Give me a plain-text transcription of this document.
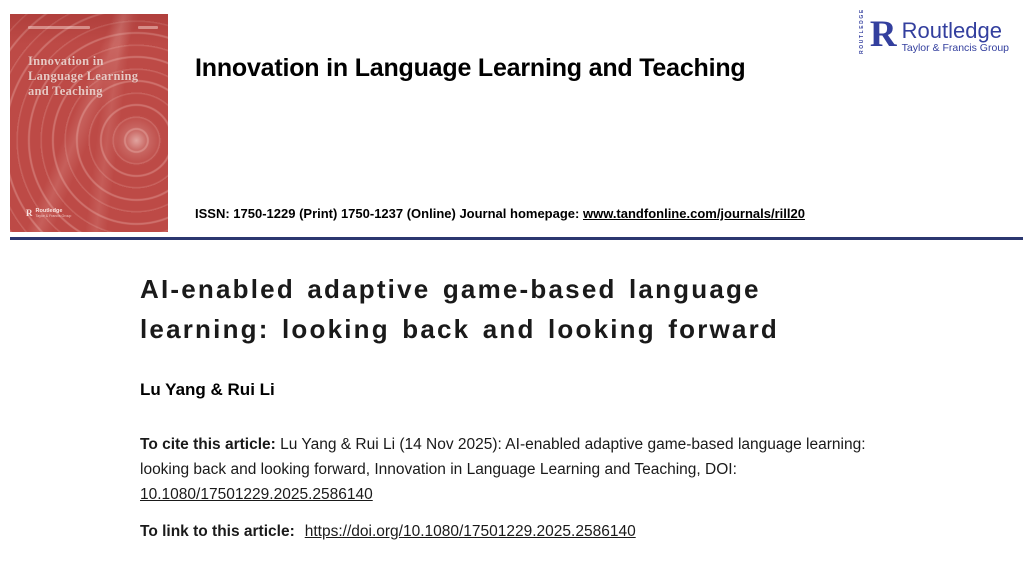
Innovation in
Language Learning
and Teaching
R Routledge
Taylor & Francis Group
Innovation in Language Learning and Teaching
ISSN: 1750-1229 (Print) 1750-1237 (Online) Journal homepage: www.tandfonline.com/journals/rill20
ROUTLEDGE R Routledge
Taylor & Francis Group
AI-enabled adaptive game-based language
learning: looking back and looking forward
Lu Yang & Rui Li

To cite this article: Lu Yang & Rui Li (14 Nov 2025): AI-enabled adaptive game-based language learning: looking back and looking forward, Innovation in Language Learning and Teaching, DOI: 10.1080/17501229.2025.2586140

To link to this article: https://doi.org/10.1080/17501229.2025.2586140
